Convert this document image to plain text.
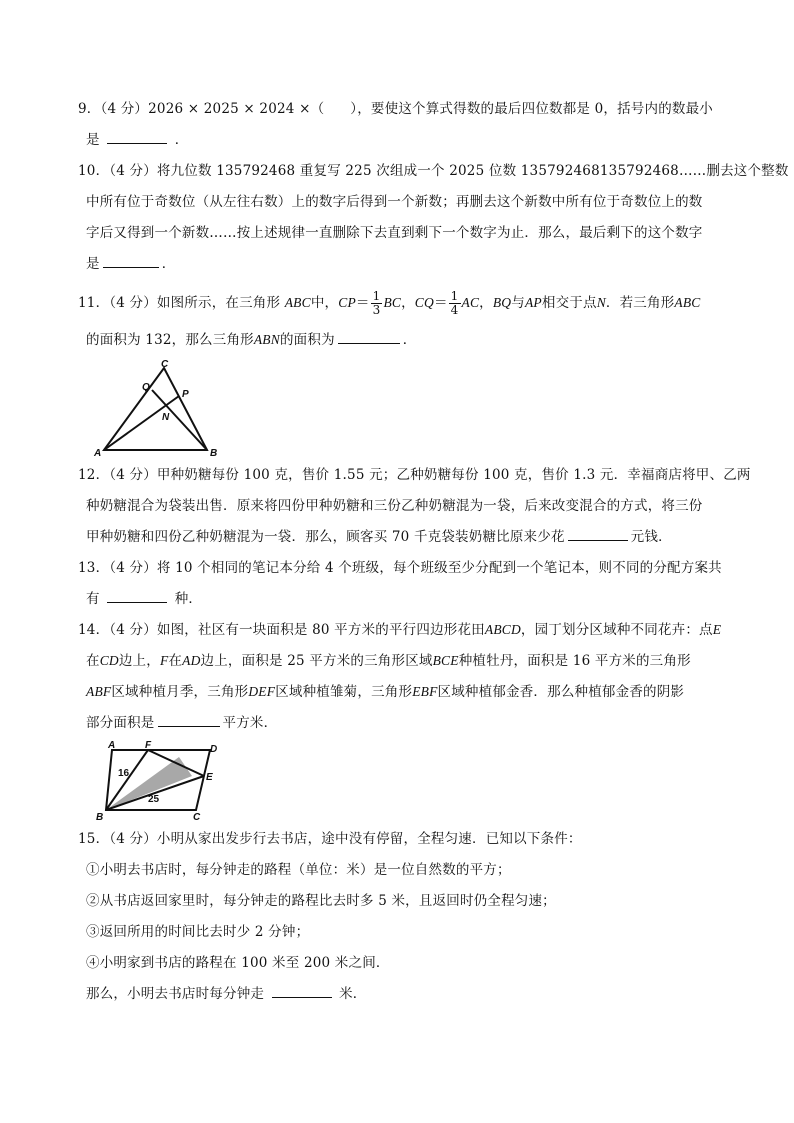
9．（4 分）2026 × 2025 × 2024 ×（ ），要使这个算式得数的最后四位数都是 0，括号内的数最小
是	．
10．（4 分）将九位数 135792468 重复写 225 次组成一个 2025 位数 135792468135792468……删去这个整数
中所有位于奇数位（从左往右数）上的数字后得到一个新数；再删去这个新数中所有位于奇数位上的数
字后又得到一个新数……按上述规律一直删除下去直到剩下一个数字为止．那么，最后剩下的这个数字
是	．
11．（4 分）如图所示，在三角形 ABC中，$CP= \frac{1}{3}$ BC，$CQ= \frac{1}{4}$ AC，BQ与AP相交于点N．若三角形ABC
的面积为 132，那么三角形ABN的面积为	．
C
Q
P
N
A	B
12．（4 分）甲种奶糖每份 100 克，售价 1.55 元；乙种奶糖每份 100 克，售价 1.3 元．幸福商店将甲、乙两
种奶糖混合为袋装出售．原来将四份甲种奶糖和三份乙种奶糖混为一袋，后来改变混合的方式，将三份
甲种奶糖和四份乙种奶糖混为一袋．那么，顾客买 70 千克袋装奶糖比原来少花	元钱．
13．（4 分）将 10 个相同的笔记本分给 4 个班级，每个班级至少分配到一个笔记本，则不同的分配方案共
有	种．
14．（4 分）如图，社区有一块面积是 80 平方米的平行四边形花田ABCD，园丁划分区域种不同花卉：点E
在CD边上，F在AD边上，面积是 25 平方米的三角形区域BCE种植牡丹，面积是 16 平方米的三角形
ABF区域种植月季，三角形DEF区域种植雏菊，三角形EBF区域种植郁金香．那么种植郁金香的阴影
部分面积是	平方米．
A	F	D
E
B	C
16
25
15．（4 分）小明从家出发步行去书店，途中没有停留，全程匀速．已知以下条件：
①小明去书店时，每分钟走的路程（单位：米）是一位自然数的平方；
②从书店返回家里时，每分钟走的路程比去时多 5 米，且返回时仍全程匀速；
③返回所用的时间比去时少 2 分钟；
④小明家到书店的路程在 100 米至 200 米之间．
那么，小明去书店时每分钟走	米．
